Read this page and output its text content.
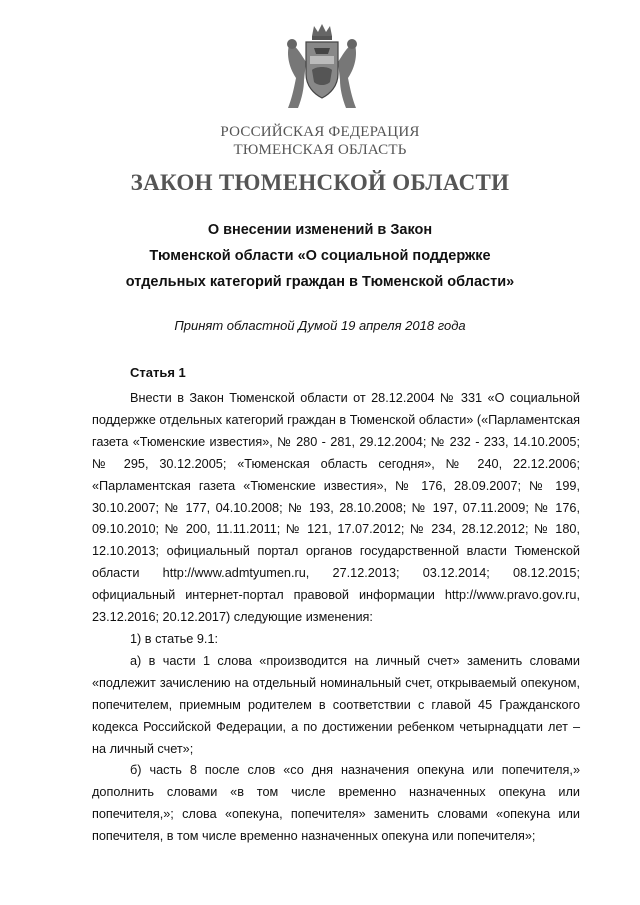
РОССИЙСКАЯ ФЕДЕРАЦИЯ
ТЮМЕНСКАЯ ОБЛАСТЬ
ЗАКОН ТЮМЕНСКОЙ ОБЛАСТИ
О внесении изменений в Закон
Тюменской области «О социальной поддержке
отдельных категорий граждан в Тюменской области»
Принят областной Думой 19 апреля 2018 года
Статья 1

Внести в Закон Тюменской области от 28.12.2004 № 331 «О социальной поддержке отдельных категорий граждан в Тюменской области» («Парламентская газета «Тюменские известия», № 280 - 281, 29.12.2004; № 232 - 233, 14.10.2005; № 295, 30.12.2005; «Тюменская область сегодня», № 240, 22.12.2006; «Парламентская газета «Тюменские известия», № 176, 28.09.2007; № 199, 30.10.2007; № 177, 04.10.2008; № 193, 28.10.2008; № 197, 07.11.2009; № 176, 09.10.2010; № 200, 11.11.2011; № 121, 17.07.2012; № 234, 28.12.2012; № 180, 12.10.2013; официальный портал органов государственной власти Тюменской области http://www.admtyumen.ru, 27.12.2013; 03.12.2014; 08.12.2015; официальный интернет-портал правовой информации http://www.pravo.gov.ru, 23.12.2016; 20.12.2017) следующие изменения:

1) в статье 9.1:

а) в части 1 слова «производится на личный счет» заменить словами «подлежит зачислению на отдельный номинальный счет, открываемый опекуном, попечителем, приемным родителем в соответствии с главой 45 Гражданского кодекса Российской Федерации, а по достижении ребенком четырнадцати лет – на личный счет»;

б) часть 8 после слов «со дня назначения опекуна или попечителя,» дополнить словами «в том числе временно назначенных опекуна или попечителя,»; слова «опекуна, попечителя» заменить словами «опекуна или попечителя, в том числе временно назначенных опекуна или попечителя»;
